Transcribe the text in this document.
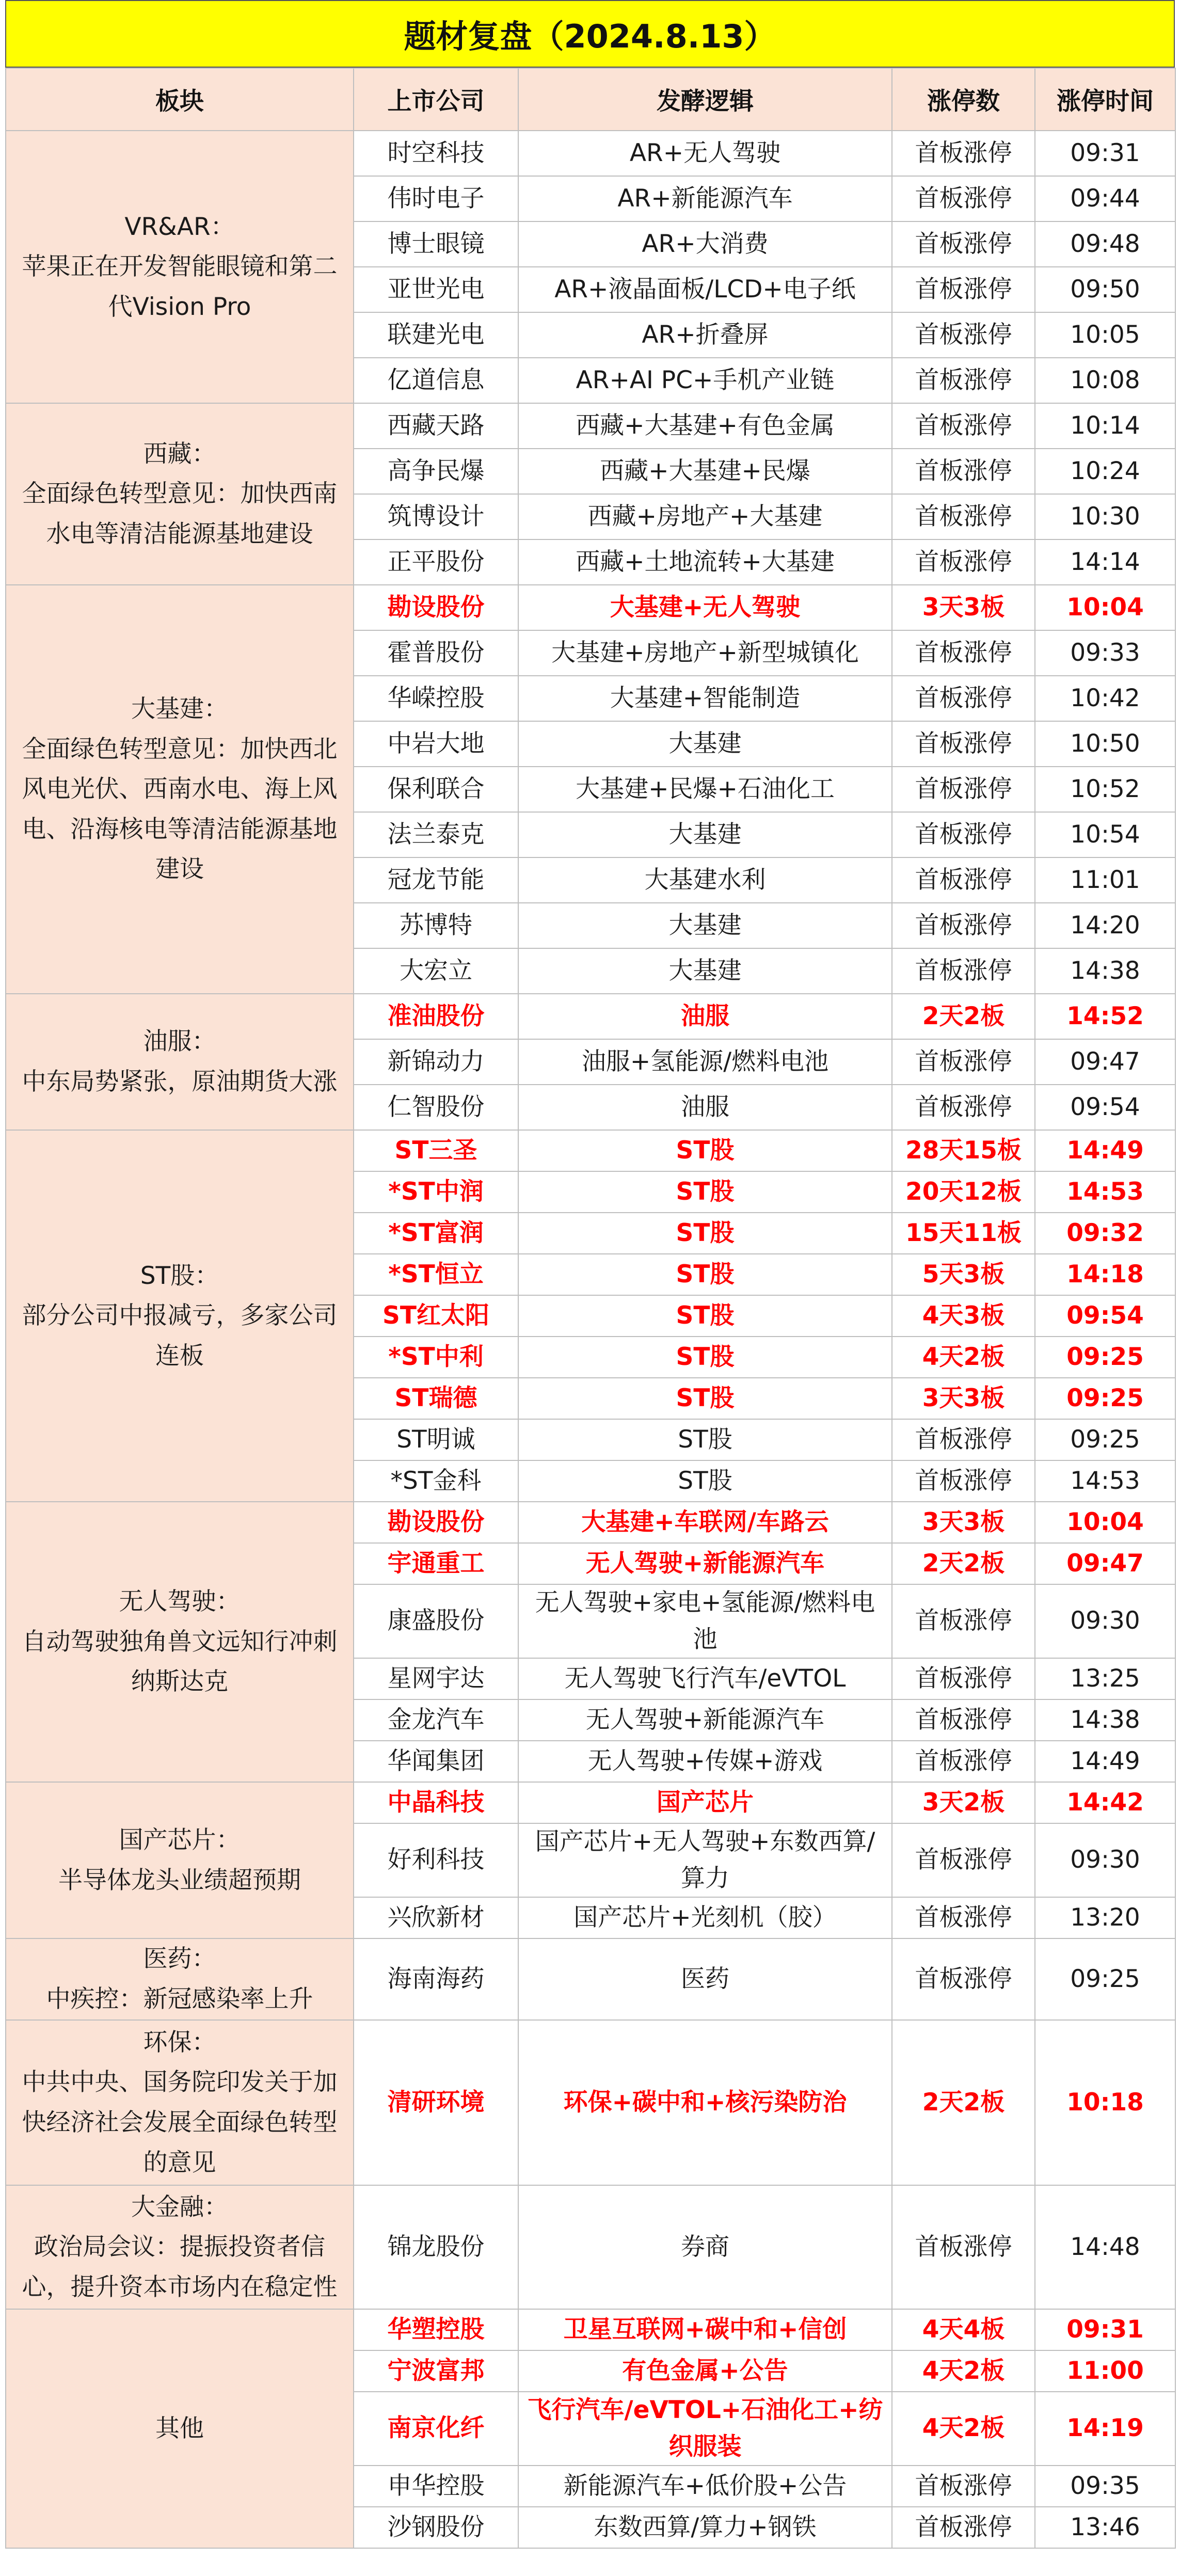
题材复盘（2024.8.13）
板块	上市公司	发酵逻辑	涨停数	涨停时间

VR&AR：
苹果正在开发智能眼镜和第二代Vision Pro	时空科技	AR+无人驾驶	首板涨停	09:31
	伟时电子	AR+新能源汽车	首板涨停	09:44
	博士眼镜	AR+大消费	首板涨停	09:48
	亚世光电	AR+液晶面板/LCD+电子纸	首板涨停	09:50
	联建光电	AR+折叠屏	首板涨停	10:05
	亿道信息	AR+AI PC+手机产业链	首板涨停	10:08

西藏：
全面绿色转型意见：加快西南水电等清洁能源基地建设	西藏天路	西藏+大基建+有色金属	首板涨停	10:14
	高争民爆	西藏+大基建+民爆	首板涨停	10:24
	筑博设计	西藏+房地产+大基建	首板涨停	10:30
	正平股份	西藏+土地流转+大基建	首板涨停	14:14

大基建：
全面绿色转型意见：加快西北风电光伏、西南水电、海上风电、沿海核电等清洁能源基地建设	勘设股份	大基建+无人驾驶	3天3板	10:04
	霍普股份	大基建+房地产+新型城镇化	首板涨停	09:33
	华嵘控股	大基建+智能制造	首板涨停	10:42
	中岩大地	大基建	首板涨停	10:50
	保利联合	大基建+民爆+石油化工	首板涨停	10:52
	法兰泰克	大基建	首板涨停	10:54
	冠龙节能	大基建水利	首板涨停	11:01
	苏博特	大基建	首板涨停	14:20
	大宏立	大基建	首板涨停	14:38

油服：
中东局势紧张，原油期货大涨	准油股份	油服	2天2板	14:52
	新锦动力	油服+氢能源/燃料电池	首板涨停	09:47
	仁智股份	油服	首板涨停	09:54

ST股：
部分公司中报减亏，多家公司连板	ST三圣	ST股	28天15板	14:49
	*ST中润	ST股	20天12板	14:53
	*ST富润	ST股	15天11板	09:32
	*ST恒立	ST股	5天3板	14:18
	ST红太阳	ST股	4天3板	09:54
	*ST中利	ST股	4天2板	09:25
	ST瑞德	ST股	3天3板	09:25
	ST明诚	ST股	首板涨停	09:25
	*ST金科	ST股	首板涨停	14:53

无人驾驶：
自动驾驶独角兽文远知行冲刺纳斯达克	勘设股份	大基建+车联网/车路云	3天3板	10:04
	宇通重工	无人驾驶+新能源汽车	2天2板	09:47
	康盛股份	无人驾驶+家电+氢能源/燃料电池	首板涨停	09:30
	星网宇达	无人驾驶飞行汽车/eVTOL	首板涨停	13:25
	金龙汽车	无人驾驶+新能源汽车	首板涨停	14:38
	华闻集团	无人驾驶+传媒+游戏	首板涨停	14:49

国产芯片：
半导体龙头业绩超预期	中晶科技	国产芯片	3天2板	14:42
	好利科技	国产芯片+无人驾驶+东数西算/算力	首板涨停	09:30
	兴欣新材	国产芯片+光刻机（胶）	首板涨停	13:20

医药：
中疾控：新冠感染率上升	海南海药	医药	首板涨停	09:25

环保：
中共中央、国务院印发关于加快经济社会发展全面绿色转型的意见	清研环境	环保+碳中和+核污染防治	2天2板	10:18

大金融：
政治局会议：提振投资者信心，提升资本市场内在稳定性	锦龙股份	券商	首板涨停	14:48

其他	华塑控股	卫星互联网+碳中和+信创	4天4板	09:31
	宁波富邦	有色金属+公告	4天2板	11:00
	南京化纤	飞行汽车/eVTOL+石油化工+纺织服装	4天2板	14:19
	申华控股	新能源汽车+低价股+公告	首板涨停	09:35
	沙钢股份	东数西算/算力+钢铁	首板涨停	13:46
